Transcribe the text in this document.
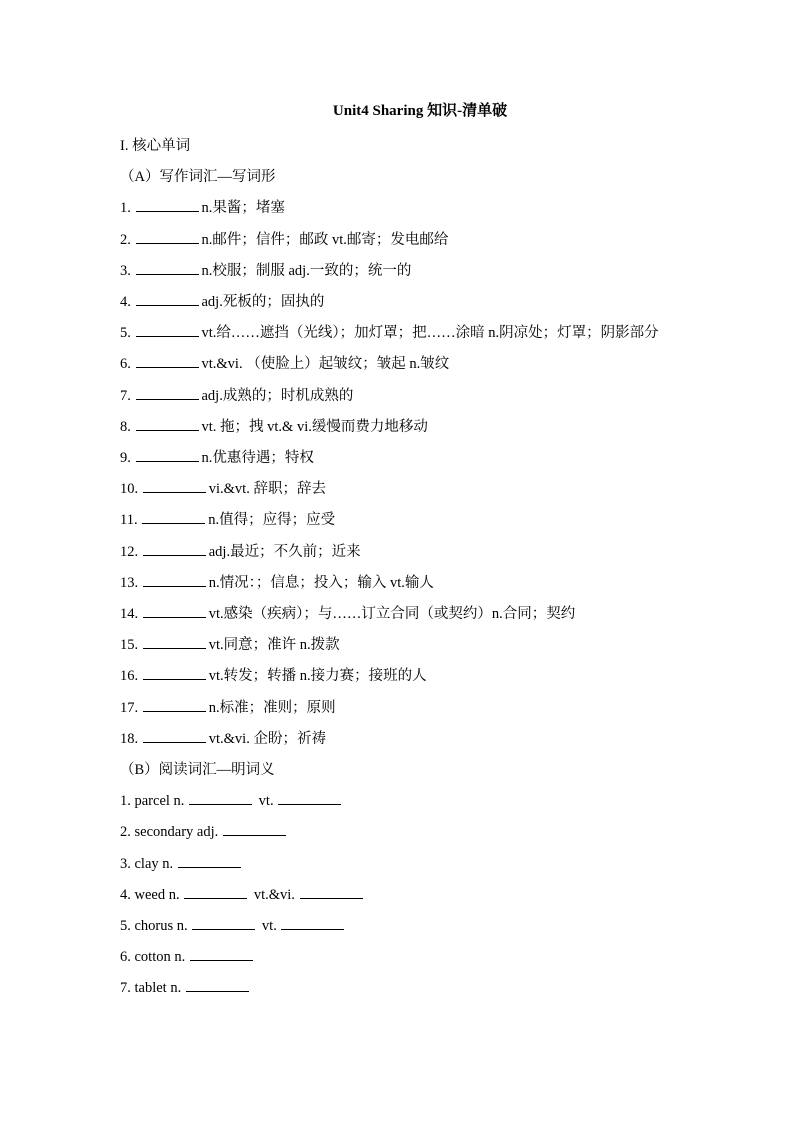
Unit4 Sharing 知识-清单破
I. 核心单词
（A）写作词汇—写词形
1.	n.果酱；堵塞
2.	n.邮件；信件；邮政 vt.邮寄；发电邮给
3.	n.校服；制服 adj.一致的；统一的
4.	adj.死板的；固执的
5.	vt.给……遮挡（光线）；加灯罩；把……涂暗 n.阴凉处；灯罩；阴影部分
6.	vt.&vi. （使脸上）起皱纹；皱起 n.皱纹
7.	adj.成熟的；时机成熟的
8.	vt. 拖；拽 vt.& vi.缓慢而费力地移动
9.	n.优惠待遇；特权
10.	vi.&vt. 辞职；辞去
11.	n.值得；应得；应受
12.	adj.最近；不久前；近来
13.	n.情况：；信息；投入；输入 vt.输人
14.	vt.感染（疾病）；与……订立合同（或契约）n.合同；契约
15.	vt.同意；准许 n.拨款
16.	vt.转发；转播 n.接力赛；接班的人
17.	n.标准；准则；原则
18.	vt.&vi. 企盼；祈祷
（B）阅读词汇—明词义
1. parcel n.	vt.
2. secondary adj.
3. clay n.
4. weed n.	vt.&vi.
5. chorus n.	vt.
6. cotton n.
7. tablet n.
